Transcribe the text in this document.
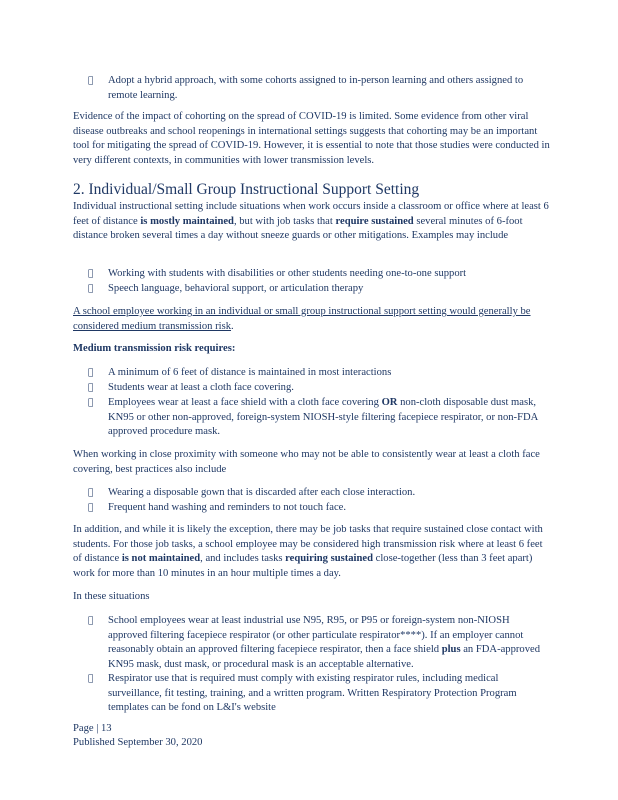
Adopt a hybrid approach, with some cohorts assigned to in-person learning and others assigned to remote learning.

Evidence of the impact of cohorting on the spread of COVID-19 is limited. Some evidence from other viral disease outbreaks and school reopenings in international settings suggests that cohorting may be an important tool for mitigating the spread of COVID-19. However, it is essential to note that those studies were conducted in very different contexts, in communities with lower transmission levels.

2. Individual/Small Group Instructional Support Setting

Individual instructional setting include situations when work occurs inside a classroom or office where at least 6 feet of distance is mostly maintained, but with job tasks that require sustained several minutes of 6-foot distance broken several times a day without sneeze guards or other mitigations. Examples may include

Working with students with disabilities or other students needing one-to-one support

Speech language, behavioral support, or articulation therapy

A school employee working in an individual or small group instructional support setting would generally be considered medium transmission risk.

Medium transmission risk requires:

A minimum of 6 feet of distance is maintained in most interactions

Students wear at least a cloth face covering.

Employees wear at least a face shield with a cloth face covering OR non-cloth disposable dust mask, KN95 or other non-approved, foreign-system NIOSH-style filtering facepiece respirator, or non-FDA approved procedure mask.

When working in close proximity with someone who may not be able to consistently wear at least a cloth face covering, best practices also include

Wearing a disposable gown that is discarded after each close interaction.

Frequent hand washing and reminders to not touch face.

In addition, and while it is likely the exception, there may be job tasks that require sustained close contact with students. For those job tasks, a school employee may be considered high transmission risk where at least 6 feet of distance is not maintained, and includes tasks requiring sustained close-together (less than 3 feet apart) work for more than 10 minutes in an hour multiple times a day.

In these situations

School employees wear at least industrial use N95, R95, or P95 or foreign-system non-NIOSH approved filtering facepiece respirator (or other particulate respirator****). If an employer cannot reasonably obtain an approved filtering facepiece respirator, then a face shield plus an FDA-approved KN95 mask, dust mask, or procedural mask is an acceptable alternative.

Respirator use that is required must comply with existing respirator rules, including medical surveillance, fit testing, training, and a written program. Written Respiratory Protection Program templates can be fond on L&I's website

Page | 13
Published September 30, 2020
